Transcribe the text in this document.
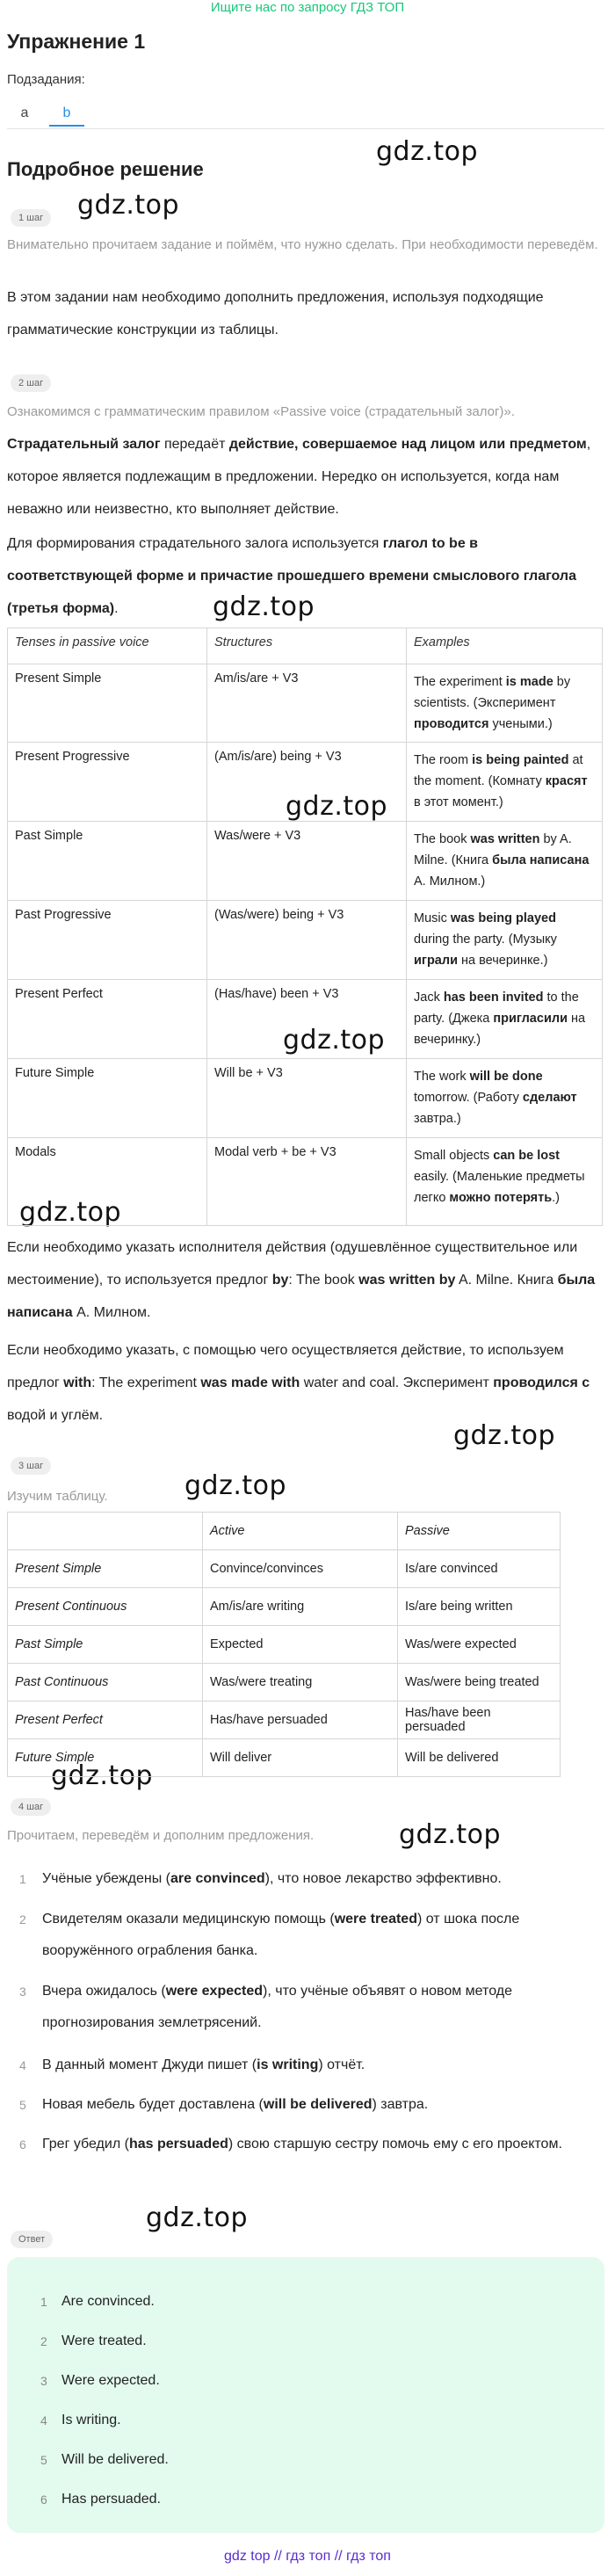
Ищите нас по запросу ГДЗ ТОП
Упражнение 1
Подзадания:
a	b
Подробное решение
gdz.top
gdz.top
gdz.top
gdz.top
gdz.top
gdz.top
gdz.top
gdz.top
gdz.top
gdz.top
gdz.top
1 шаг
Внимательно прочитаем задание и поймём, что нужно сделать. При необходимости переведём.
В этом задании нам необходимо дополнить предложения, используя подходящие грамматические конструкции из таблицы.
2 шаг
Ознакомимся с грамматическим правилом «Passive voice (страдательный залог)».
Страдательный залог передаёт действие, совершаемое над лицом или предметом, которое является подлежащим в предложении. Нередко он используется, когда нам неважно или неизвестно, кто выполняет действие.
Для формирования страдательного залога используется глагол to be в соответствующей форме и причастие прошедшего времени смыслового глагола (третья форма).
Tenses in passive voice	Structures	Examples
Present Simple	Am/is/are + V3	The experiment is made by scientists. (Эксперимент проводится учеными.)
Present Progressive	(Am/is/are) being + V3	The room is being painted at the moment. (Комнату красят в этот момент.)
Past Simple	Was/were + V3	The book was written by A. Milne. (Книга была написана А. Милном.)
Past Progressive	(Was/were) being + V3	Music was being played during the party. (Музыку играли на вечеринке.)
Present Perfect	(Has/have) been + V3	Jack has been invited to the party. (Джека пригласили на вечеринку.)
Future Simple	Will be + V3	The work will be done tomorrow. (Работу сделают завтра.)
Modals	Modal verb + be + V3	Small objects can be lost easily. (Маленькие предметы легко можно потерять.)
Если необходимо указать исполнителя действия (одушевлённое существительное или местоимение), то используется предлог by: The book was written by A. Milne. Книга была написана А. Милном.
Если необходимо указать, с помощью чего осуществляется действие, то используем предлог with: The experiment was made with water and coal. Эксперимент проводился с водой и углём.
3 шаг
Изучим таблицу.
	Active	Passive
Present Simple	Convince/convinces	Is/are convinced
Present Continuous	Am/is/are writing	Is/are being written
Past Simple	Expected	Was/were expected
Past Continuous	Was/were treating	Was/were being treated
Present Perfect	Has/have persuaded	Has/have been persuaded
Future Simple	Will deliver	Will be delivered
4 шаг
Прочитаем, переведём и дополним предложения.
1 Учёные убеждены (are convinced), что новое лекарство эффективно.
2 Свидетелям оказали медицинскую помощь (were treated) от шока после вооружённого ограбления банка.
3 Вчера ожидалось (were expected), что учёные объявят о новом методе прогнозирования землетрясений.
4 В данный момент Джуди пишет (is writing) отчёт.
5 Новая мебель будет доставлена (will be delivered) завтра.
6 Грег убедил (has persuaded) свою старшую сестру помочь ему с его проектом.
Ответ
1 Are convinced.
2 Were treated.
3 Were expected.
4 Is writing.
5 Will be delivered.
6 Has persuaded.
gdz top // гдз топ // гдз топ
